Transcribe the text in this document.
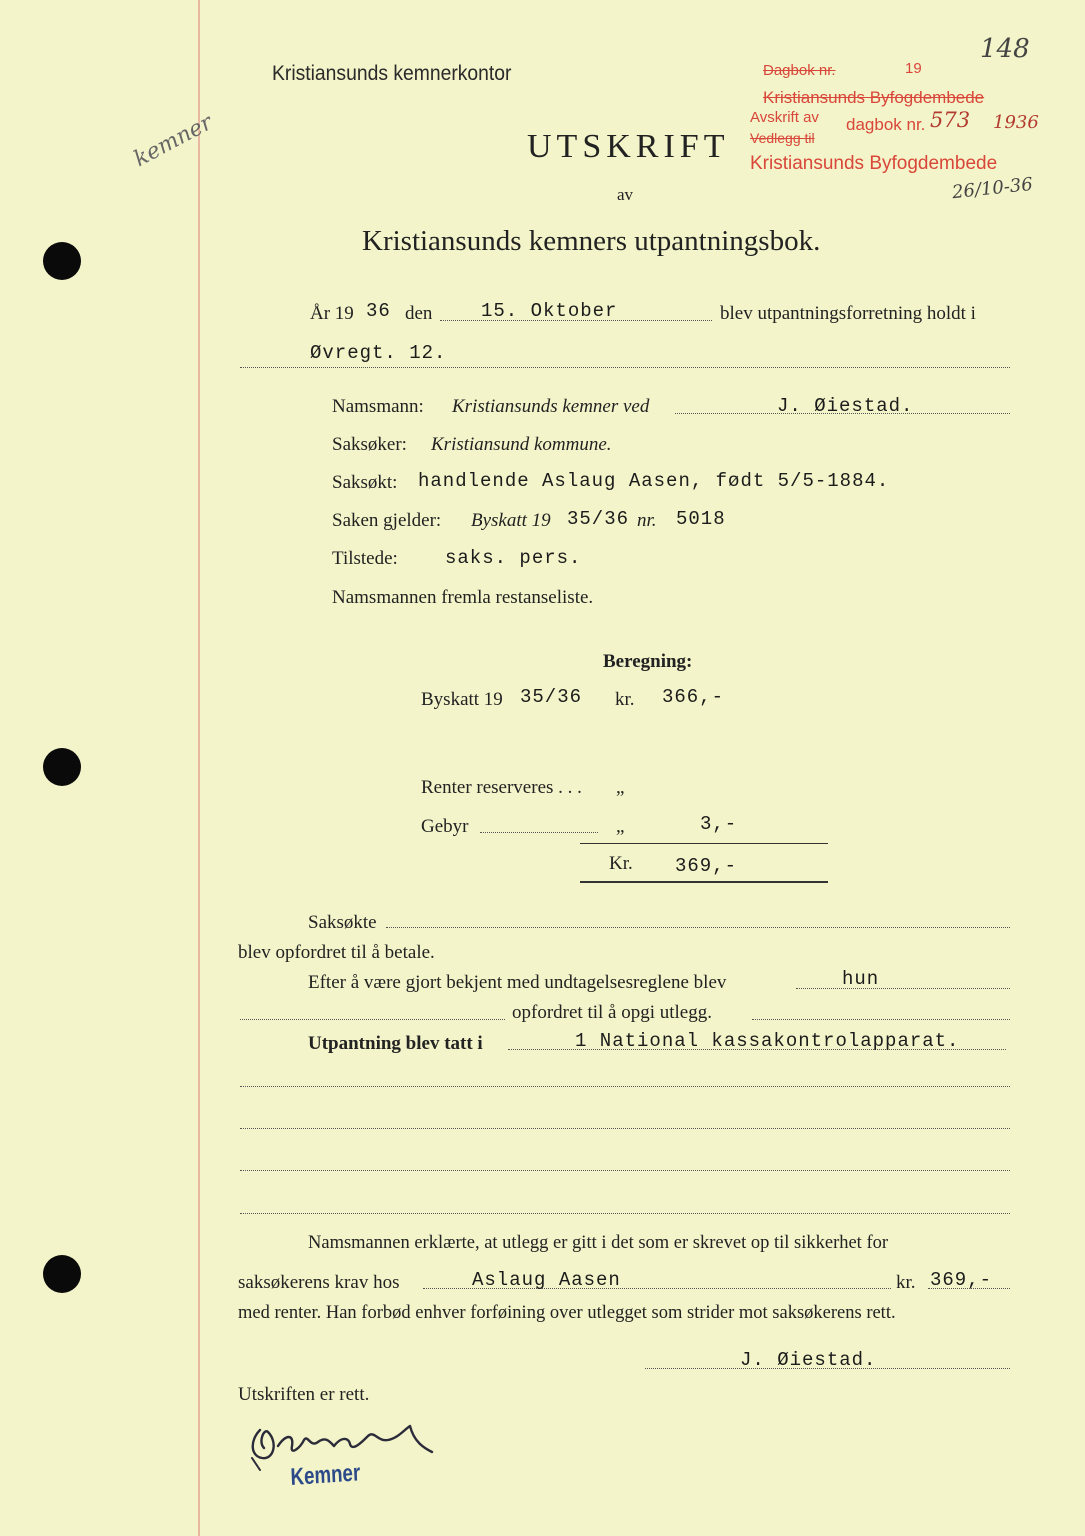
kemner
Kristiansunds kemnerkontor
148
Dagbok nr.	19
Kristiansunds Byfogdembede
Avskrift av dagbok nr. 573 1936
Vedlegg til
Kristiansunds Byfogdembede
26/10-36
UTSKRIFT
av
Kristiansunds kemners utpantningsbok.
År 19 36 den	15. Oktober	blev utpantningsforretning holdt i
Øvregt. 12.
Namsmann: Kristiansunds kemner ved	J. Øiestad.
Saksøker: Kristiansund kommune.
Saksøkt: handlende Aslaug Aasen, født 5/5-1884.
Saken gjelder: Byskatt 19 35/36 nr. 5018
Tilstede: saks. pers.
Namsmannen fremla restanseliste.
Beregning:
Byskatt 19 35/36 kr. 366,-
Renter reserveres . . . „
Gebyr	„	3,-
Kr. 369,-
Saksøkte
blev opfordret til å betale.
Efter å være gjort bekjent med undtagelsesreglene blev	hun
opfordret til å opgi utlegg.
Utpantning blev tatt i	1 National kassakontrolapparat.
Namsmannen erklærte, at utlegg er gitt i det som er skrevet op til sikkerhet for
saksøkerens krav hos	Aslaug Aasen	kr. 369,-
med renter. Han forbød enhver forføining over utlegget som strider mot saksøkerens rett.
J. Øiestad.
Utskriften er rett.
Kemner
